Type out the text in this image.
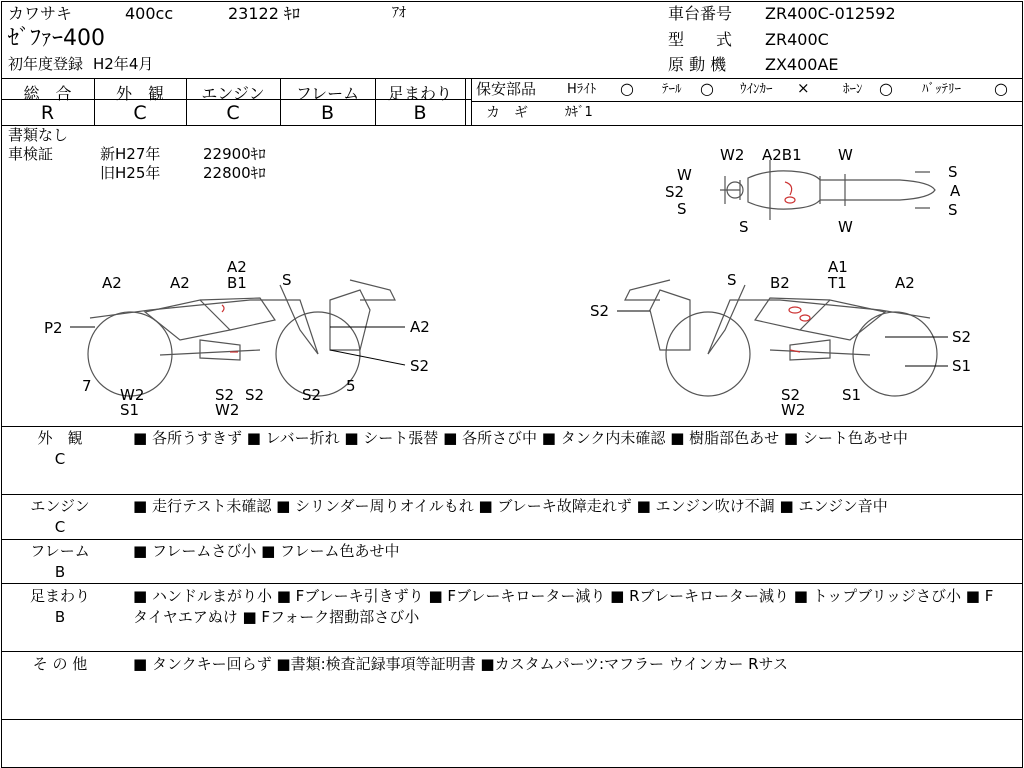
カワサキ	400cc	23122 ｷﾛ	ｱｵ
ｾﾞﾌｧｰ400
初年度登録 H2年4月
車台番号 ZR400C-012592
型　　式 ZR400C
原 動 機 ZX400AE
総　合	外　観	エンジン	フレーム	足まわり
R	C	C	B	B
保安部品 Hﾗｲﾄ ○ ﾃｰﾙ ○ ｳｲﾝｶｰ ×	ﾎｰﾝ ○ ﾊﾞｯﾃﾘｰ ○
カ　ギ	ｶｷﾞ1
書類なし
車検証	新H27年	22900ｷﾛ
旧H25年	22800ｷﾛ
W2 A2B1 W
W	S
S2
S
S
A
S
W
A2	A2
A2
B1 S
P2	A2
7 W2
S1
S2
W2
S2	S2 5
S2
S B2
A1
T1	A2
S2
S2
S1
S2
W2
S1
外　観
C
■ 各所うすきず ■ レバー折れ ■ シート張替 ■ 各所さび中 ■ タンク内未確認 ■ 樹脂部色あせ ■ シート色あせ中
エンジン
C
■ 走行テスト未確認 ■ シリンダー周りオイルもれ ■ ブレーキ故障走れず ■ エンジン吹け不調 ■ エンジン音中
フレーム
B
■ フレームさび小 ■ フレーム色あせ中
足まわり
B
■ ハンドルまがり小 ■ Fブレーキ引きずり ■ Fブレーキローター減り ■ Rブレーキローター減り ■ トップブリッジさび小 ■ Fタイヤエアぬけ ■ Fフォーク摺動部さび小
そ の 他	■ タンクキー回らず ■書類:検査記録事項等証明書 ■カスタムパーツ:マフラー ウインカー Rサス
